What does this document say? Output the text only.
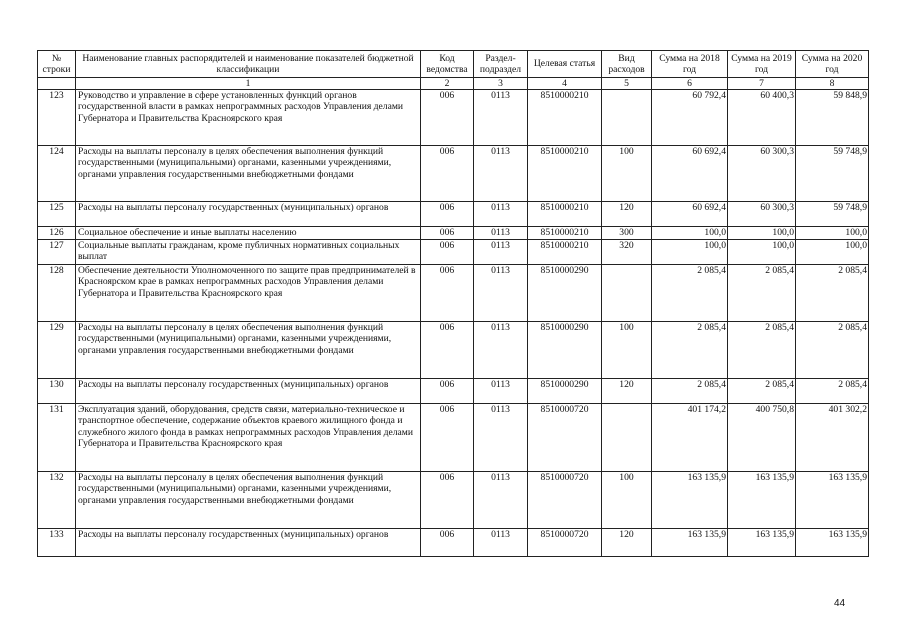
№ строки	Наименование главных распорядителей и наименование показателей бюджетной классификации	Код ведомства	Раздел-подраздел	Целевая статья	Вид расходов	Сумма на 2018 год	Сумма на 2019 год	Сумма на 2020 год
	1	2	3	4	5	6	7	8
123	Руководство и управление в сфере установленных функций органов государственной власти в рамках непрограммных расходов Управления делами Губернатора и Правительства Красноярского края	006	0113	8510000210		60 792,4	60 400,3	59 848,9
124	Расходы на выплаты персоналу в целях обеспечения выполнения функций государственными (муниципальными) органами, казенными учреждениями, органами управления государственными внебюджетными фондами	006	0113	8510000210	100	60 692,4	60 300,3	59 748,9
125	Расходы на выплаты персоналу государственных (муниципальных) органов	006	0113	8510000210	120	60 692,4	60 300,3	59 748,9
126	Социальное обеспечение и иные выплаты населению	006	0113	8510000210	300	100,0	100,0	100,0
127	Социальные выплаты гражданам, кроме публичных нормативных социальных выплат	006	0113	8510000210	320	100,0	100,0	100,0
128	Обеспечение деятельности Уполномоченного по защите прав предпринимателей в Красноярском крае в рамках непрограммных расходов Управления делами Губернатора и Правительства Красноярского края	006	0113	8510000290		2 085,4	2 085,4	2 085,4
129	Расходы на выплаты персоналу в целях обеспечения выполнения функций государственными (муниципальными) органами, казенными учреждениями, органами управления государственными внебюджетными фондами	006	0113	8510000290	100	2 085,4	2 085,4	2 085,4
130	Расходы на выплаты персоналу государственных (муниципальных) органов	006	0113	8510000290	120	2 085,4	2 085,4	2 085,4
131	Эксплуатация зданий, оборудования, средств связи, материально-техническое и транспортное обеспечение, содержание объектов краевого жилищного фонда и служебного жилого фонда в рамках непрограммных расходов Управления делами Губернатора и Правительства Красноярского края	006	0113	8510000720		401 174,2	400 750,8	401 302,2
132	Расходы на выплаты персоналу в целях обеспечения выполнения функций государственными (муниципальными) органами, казенными учреждениями, органами управления государственными внебюджетными фондами	006	0113	8510000720	100	163 135,9	163 135,9	163 135,9
133	Расходы на выплаты персоналу государственных (муниципальных) органов	006	0113	8510000720	120	163 135,9	163 135,9	163 135,9
44
